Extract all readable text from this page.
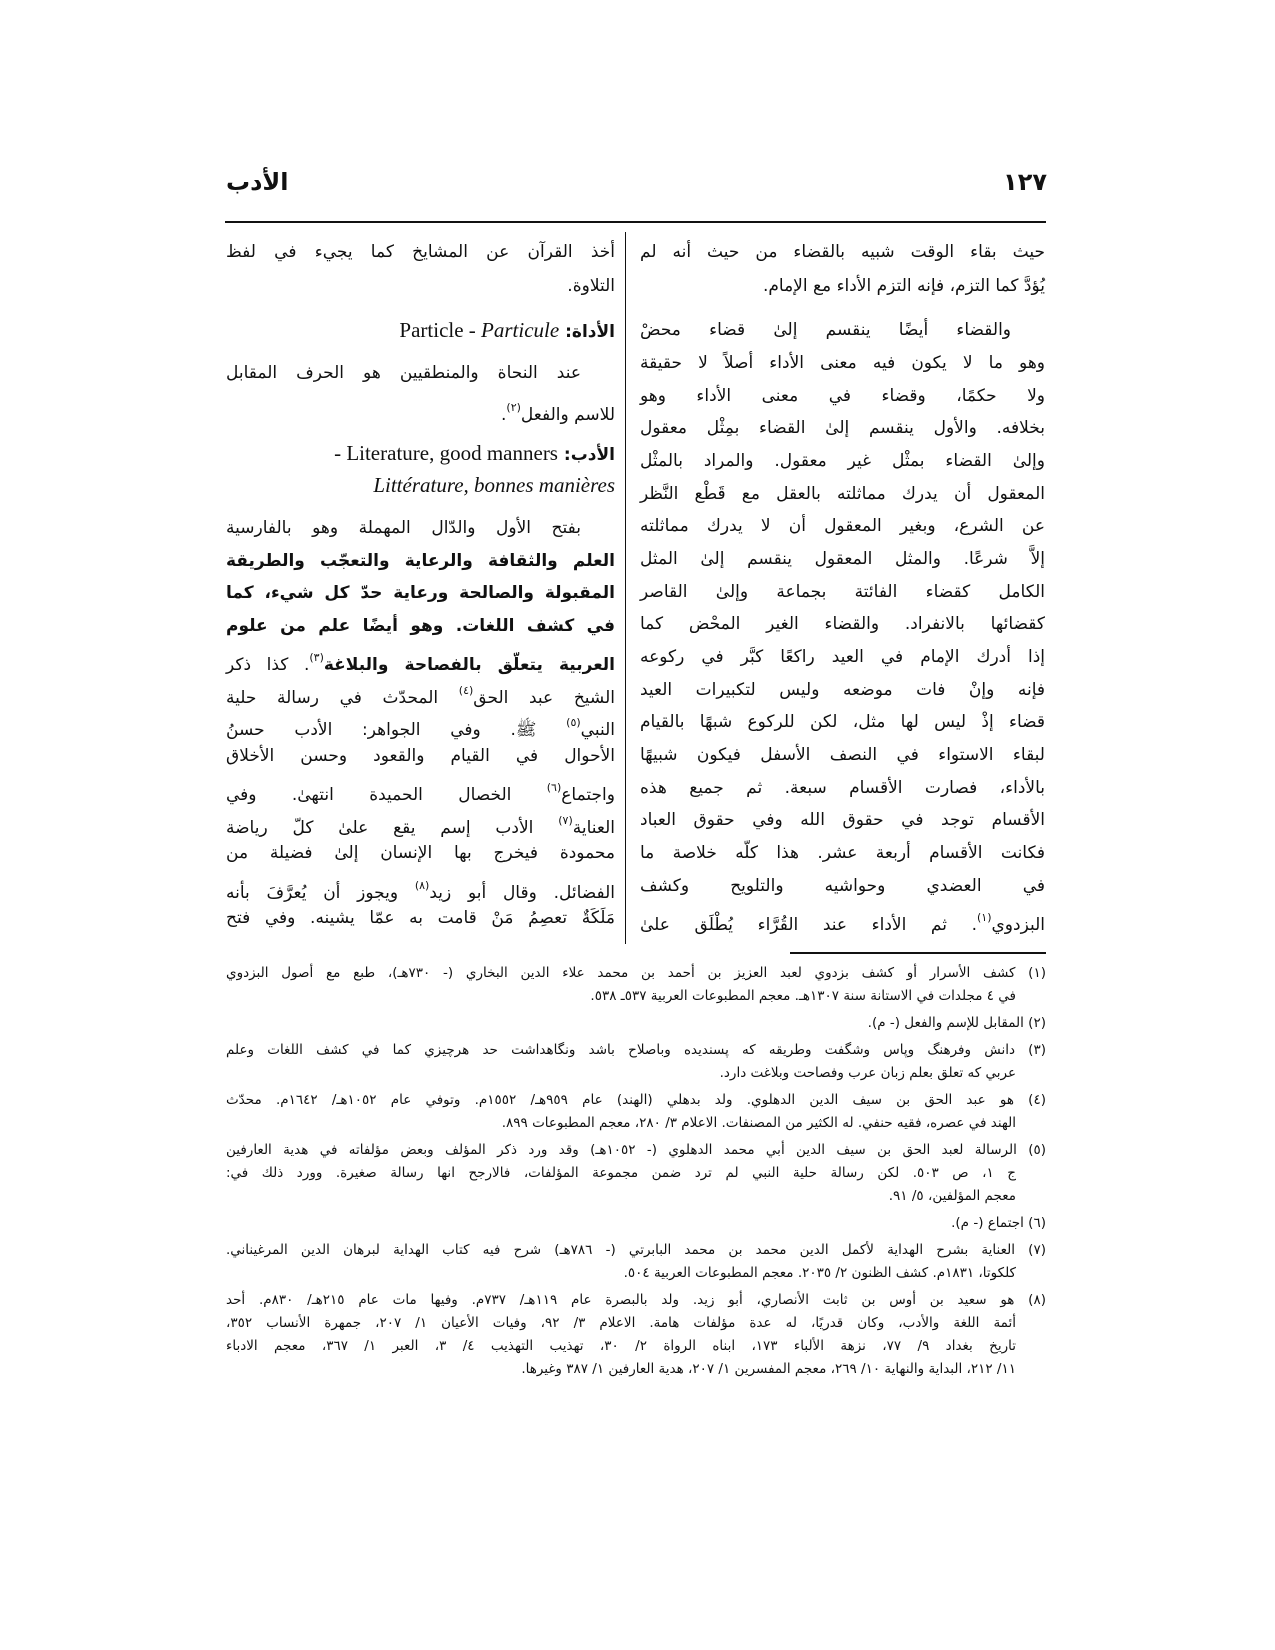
١٢٧
الأدب
حيث بقاء الوقت شبيه بالقضاء من حيث أنه لم
يُؤدَّ كما التزم، فإنه التزم الأداء مع الإمام.
والقضاء أيضًا ينقسم إلىٰ قضاء محضْ
وهو ما لا يكون فيه معنى الأداء أصلاً لا حقيقة
ولا حكمًا، وقضاء في معنى الأداء وهو
بخلافه. والأول ينقسم إلىٰ القضاء بمِثْل معقول
وإلىٰ القضاء بمثْل غير معقول. والمراد بالمثْل
المعقول أن يدرك مماثلته بالعقل مع قَطْع النَّظر
عن الشرع، وبغير المعقول أن لا يدرك مماثلته
إلاَّ شرعًا. والمثل المعقول ينقسم إلىٰ المثل
الكامل كقضاء الفائتة بجماعة وإلىٰ القاصر
كقضائها بالانفراد. والقضاء الغير المحْض كما
إذا أدرك الإمام في العيد راكعًا كبَّر في ركوعه
فإنه وإنْ فات موضعه وليس لتكبيرات العيد
قضاء إذْ ليس لها مثل، لكن للركوع شبهًا بالقيام
لبقاء الاستواء في النصف الأسفل فيكون شبيهًا
بالأداء، فصارت الأقسام سبعة. ثم جميع هذه
الأقسام توجد في حقوق الله وفي حقوق العباد
فكانت الأقسام أربعة عشر. هذا كلّه خلاصة ما
في العضدي وحواشيه والتلويح وكشف
البزدوي$^{(١)}$. ثم الأداء عند القُرَّاء يُطْلَق علىٰ
أخذ القرآن عن المشايخ كما يجيء في لفظ
التلاوة.
الأداة: Particle - Particule
عند النحاة والمنطقيين هو الحرف المقابل
للاسم والفعل$^{(٢)}$.
الأدب: Literature, good manners -
Littérature, bonnes manières
بفتح الأول والدّال المهملة وهو بالفارسية
العلم والثقافة والرعاية والتعجّب والطريقة
المقبولة والصالحة ورعاية حدّ كل شيء، كما
في كشف اللغات. وهو أيضًا علم من علوم
العربية يتعلّق بالفصاحة والبلاغة$^{(٣)}$. كذا ذكر
الشيخ عبد الحق$^{(٤)}$ المحدّث في رسالة حلية
النبي$^{(٥)}$ ﷺ. وفي الجواهر: الأدب حسنُ
الأحوال في القيام والقعود وحسن الأخلاق
واجتماع$^{(٦)}$ الخصال الحميدة انتهىٰ. وفي
العناية$^{(٧)}$ الأدب إسم يقع علىٰ كلّ رياضة
محمودة فيخرج بها الإنسان إلىٰ فضيلة من
الفضائل. وقال أبو زيد$^{(٨)}$ ويجوز أن يُعرَّفَ بأنه
مَلَكَةٌ تعصِمُ مَنْ قامت به عمّا يشينه. وفي فتح
(١) كشف الأسرار أو كشف بزدوي لعبد العزيز بن أحمد بن محمد علاء الدين البخاري (- ٧٣٠هـ)، طبع مع أصول البزدوي
في ٤ مجلدات في الاستانة سنة ١٣٠٧هـ. معجم المطبوعات العربية ٥٣٧ـ ٥٣٨.
(٢) المقابل للإسم والفعل (- م).
(٣) دانش وفرهنگ وپاس وشگفت وطريقه كه پسنديده وباصلاح باشد ونگاهداشت حد هرچيزي كما في كشف اللغات وعلم
عربي كه تعلق بعلم زبان عرب وفصاحت وبلاغت دارد.
(٤) هو عبد الحق بن سيف الدين الدهلوي. ولد بدهلي (الهند) عام ٩٥٩هـ/ ١٥٥٢م. وتوفي عام ١٠٥٢هـ/ ١٦٤٢م. محدّث
الهند في عصره، فقيه حنفي. له الكثير من المصنفات. الاعلام ٣/ ٢٨٠، معجم المطبوعات ٨٩٩.
(٥) الرسالة لعبد الحق بن سيف الدين أبي محمد الدهلوي (- ١٠٥٢هـ) وقد ورد ذكر المؤلف وبعض مؤلفاته في هدية العارفين
ج ١، ص ٥٠٣. لكن رسالة حلية النبي لم ترد ضمن مجموعة المؤلفات، فالارجح انها رسالة صغيرة. وورد ذلك في:
معجم المؤلفين، ٥/ ٩١.
(٦) اجتماع (- م).
(٧) العناية بشرح الهداية لأكمل الدين محمد بن محمد البابرتي (- ٧٨٦هـ) شرح فيه كتاب الهداية لبرهان الدين المرغيناني.
كلكوتا، ١٨٣١م. كشف الظنون ٢/ ٢٠٣٥. معجم المطبوعات العربية ٥٠٤.
(٨) هو سعيد بن أوس بن ثابت الأنصاري، أبو زيد. ولد بالبصرة عام ١١٩هـ/ ٧٣٧م. وفيها مات عام ٢١٥هـ/ ٨٣٠م. أحد
أئمة اللغة والأدب، وكان قدريًا، له عدة مؤلفات هامة. الاعلام ٣/ ٩٢، وفيات الأعيان ١/ ٢٠٧، جمهرة الأنساب ٣٥٢،
تاريخ بغداد ٩/ ٧٧، نزهة الألباء ١٧٣، ابناه الرواة ٢/ ٣٠، تهذيب التهذيب ٤/ ٣، العبر ١/ ٣٦٧، معجم الادباء
١١/ ٢١٢، البداية والنهاية ١٠/ ٢٦٩، معجم المفسرين ١/ ٢٠٧، هدية العارفين ١/ ٣٨٧ وغيرها.
